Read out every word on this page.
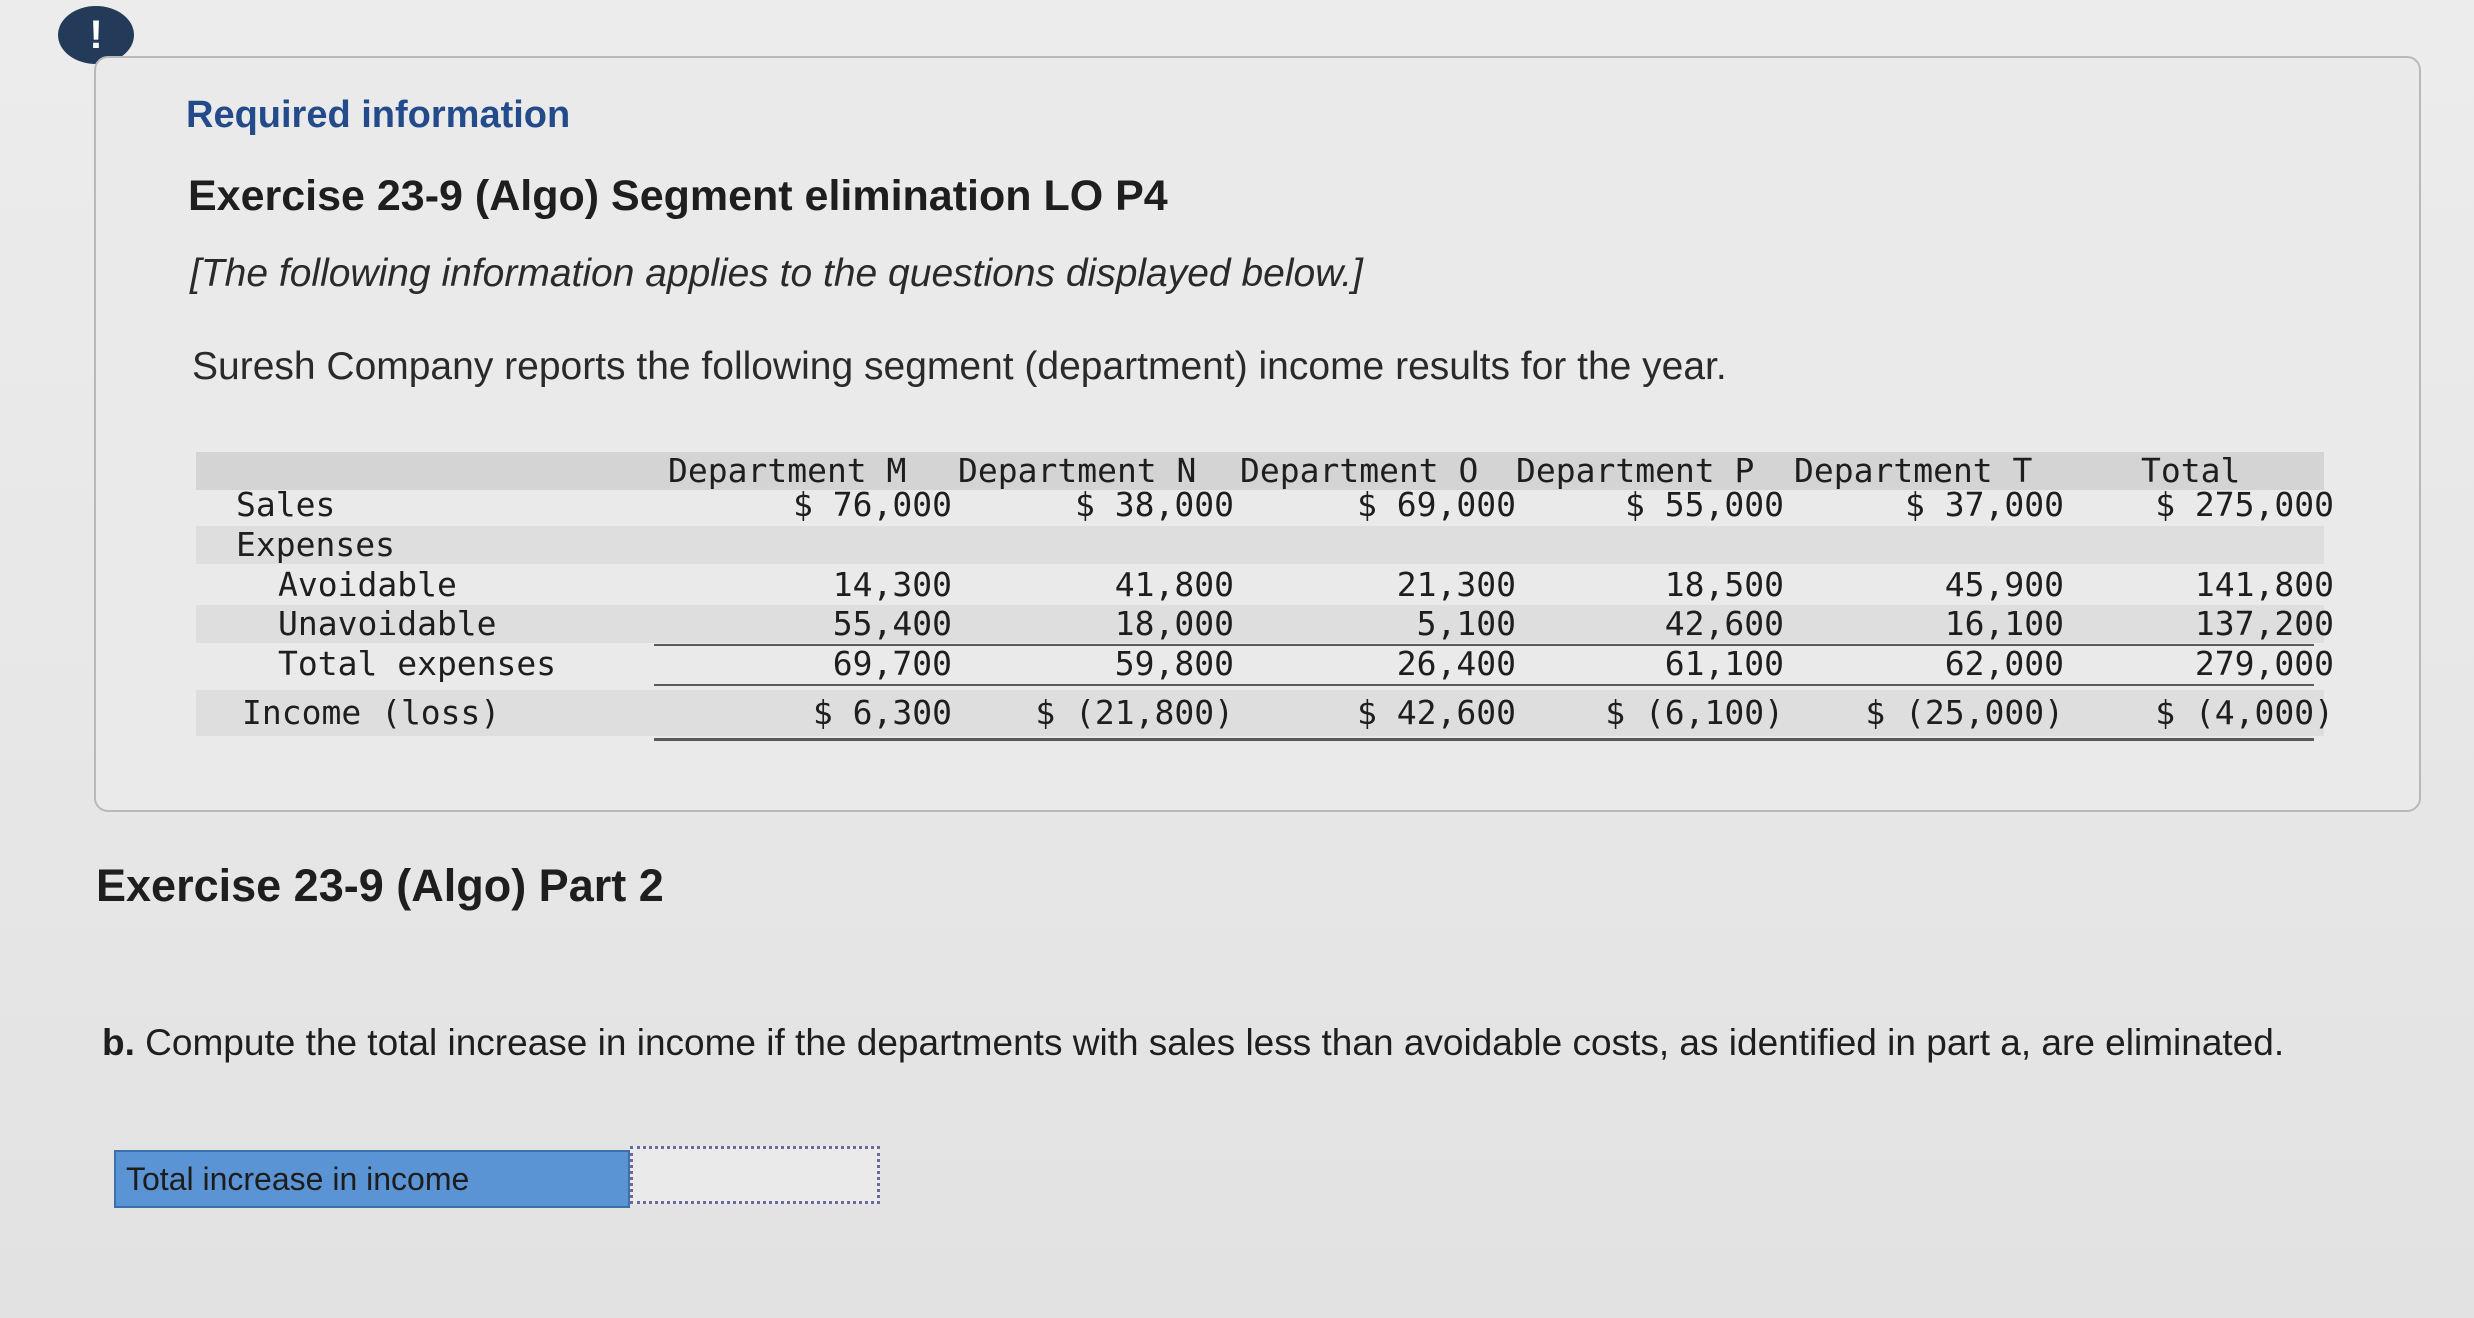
!
Required information
Exercise 23-9 (Algo) Segment elimination LO P4
[The following information applies to the questions displayed below.]
Suresh Company reports the following segment (department) income results for the year.
Department M Department N Department O Department P Department T	Total
Sales	$ 76,000	$ 38,000	$ 69,000	$ 55,000	$ 37,000	$ 275,000
Expenses
Avoidable	14,300	41,800	21,300	18,500	45,900	141,800
Unavoidable	55,400	18,000	5,100	42,600	16,100	137,200
Total expenses	69,700	59,800	26,400	61,100	62,000	279,000
Income (loss)	$ 6,300	$ (21,800)	$ 42,600	$ (6,100) $ (25,000)	$ (4,000)
Exercise 23-9 (Algo) Part 2
b. Compute the total increase in income if the departments with sales less than avoidable costs, as identified in part a, are eliminated.
Total increase in income
